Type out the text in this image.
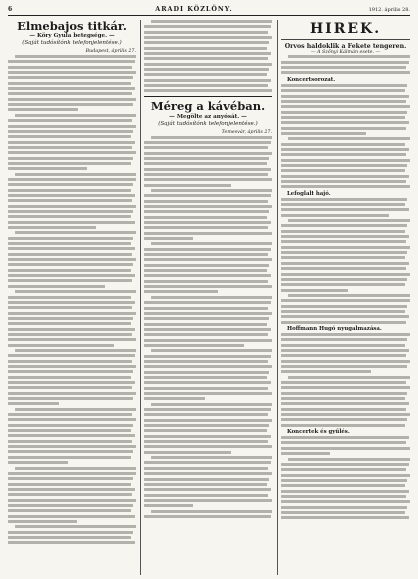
6	ARADI KÖZLÖNY.	1912. április 28.
Elmebajos titkár.
— Köry Gyula betegsége. —
(Saját tudósítónk telefonjelentése.)
Budapest, április 27.
Méreg a kávéban.
— Megölte az anyósát. —
(Saját tudósítónk telefonjelentése.)
Temesvár, április 27.
HIREK.
Orvos haldoklik a Fekete tengeren.
— A Szőnyi Kálmán esete. —
Koncertsorozat.
Lefoglalt hajó.
Hoffmann Hugó nyugalmazása.
Koncertek és gyűlés.
